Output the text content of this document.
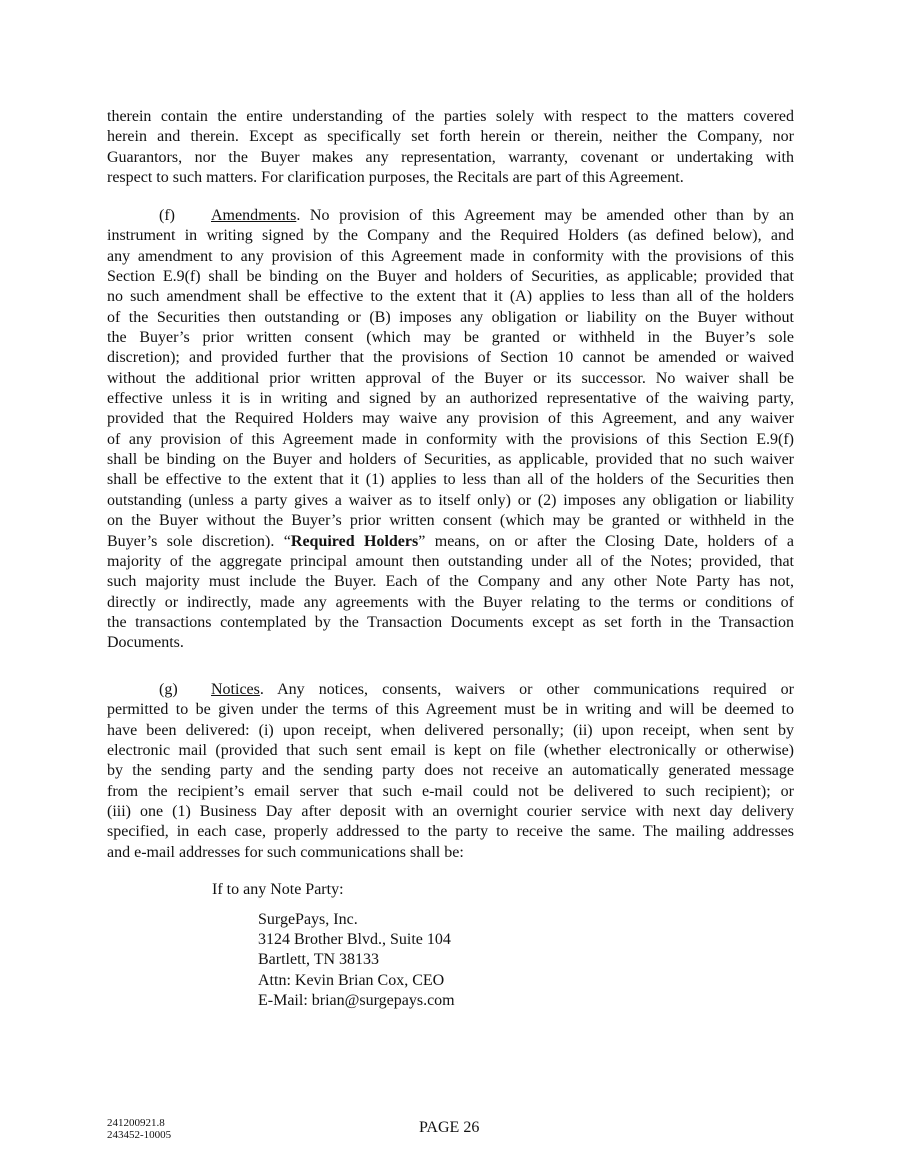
therein contain the entire understanding of the parties solely with respect to the matters covered
herein and therein. Except as specifically set forth herein or therein, neither the Company, nor
Guarantors, nor the Buyer makes any representation, warranty, covenant or undertaking with
respect to such matters. For clarification purposes, the Recitals are part of this Agreement.
(f) Amendments. No provision of this Agreement may be amended other than by an
instrument in writing signed by the Company and the Required Holders (as defined below), and
any amendment to any provision of this Agreement made in conformity with the provisions of this
Section E.9(f) shall be binding on the Buyer and holders of Securities, as applicable; provided that
no such amendment shall be effective to the extent that it (A) applies to less than all of the holders
of the Securities then outstanding or (B) imposes any obligation or liability on the Buyer without
the Buyer’s prior written consent (which may be granted or withheld in the Buyer’s sole
discretion); and provided further that the provisions of Section 10 cannot be amended or waived
without the additional prior written approval of the Buyer or its successor. No waiver shall be
effective unless it is in writing and signed by an authorized representative of the waiving party,
provided that the Required Holders may waive any provision of this Agreement, and any waiver
of any provision of this Agreement made in conformity with the provisions of this Section E.9(f)
shall be binding on the Buyer and holders of Securities, as applicable, provided that no such waiver
shall be effective to the extent that it (1) applies to less than all of the holders of the Securities then
outstanding (unless a party gives a waiver as to itself only) or (2) imposes any obligation or liability
on the Buyer without the Buyer’s prior written consent (which may be granted or withheld in the
Buyer’s sole discretion). “Required Holders” means, on or after the Closing Date, holders of a
majority of the aggregate principal amount then outstanding under all of the Notes; provided, that
such majority must include the Buyer. Each of the Company and any other Note Party has not,
directly or indirectly, made any agreements with the Buyer relating to the terms or conditions of
the transactions contemplated by the Transaction Documents except as set forth in the Transaction
Documents.
(g) Notices. Any notices, consents, waivers or other communications required or
permitted to be given under the terms of this Agreement must be in writing and will be deemed to
have been delivered: (i) upon receipt, when delivered personally; (ii) upon receipt, when sent by
electronic mail (provided that such sent email is kept on file (whether electronically or otherwise)
by the sending party and the sending party does not receive an automatically generated message
from the recipient’s email server that such e-mail could not be delivered to such recipient); or
(iii) one (1) Business Day after deposit with an overnight courier service with next day delivery
specified, in each case, properly addressed to the party to receive the same. The mailing addresses
and e-mail addresses for such communications shall be:
If to any Note Party:
SurgePays, Inc.
3124 Brother Blvd., Suite 104
Bartlett, TN 38133
Attn: Kevin Brian Cox, CEO
E-Mail: brian@surgepays.com
241200921.8
243452-10005	PAGE 26
